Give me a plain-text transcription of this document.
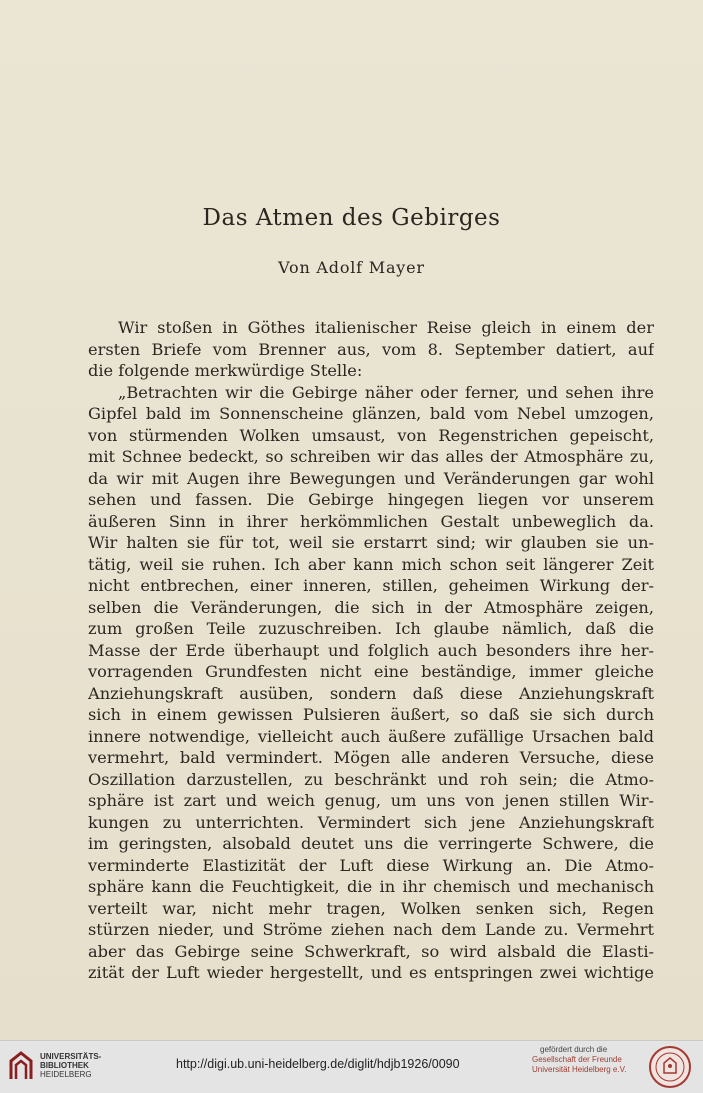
Das Atmen des Gebirges
Von Adolf Mayer
Wir stoßen in Göthes italienischer Reise gleich in einem der
ersten Briefe vom Brenner aus, vom 8. September datiert, auf
die folgende merkwürdige Stelle:
„Betrachten wir die Gebirge näher oder ferner, und sehen ihre
Gipfel bald im Sonnenscheine glänzen, bald vom Nebel umzogen,
von stürmenden Wolken umsaust, von Regenstrichen gepeischt,
mit Schnee bedeckt, so schreiben wir das alles der Atmosphäre zu,
da wir mit Augen ihre Bewegungen und Veränderungen gar wohl
sehen und fassen. Die Gebirge hingegen liegen vor unserem
äußeren Sinn in ihrer herkömmlichen Gestalt unbeweglich da.
Wir halten sie für tot, weil sie erstarrt sind; wir glauben sie un-
tätig, weil sie ruhen. Ich aber kann mich schon seit längerer Zeit
nicht entbrechen, einer inneren, stillen, geheimen Wirkung der-
selben die Veränderungen, die sich in der Atmosphäre zeigen,
zum großen Teile zuzuschreiben. Ich glaube nämlich, daß die
Masse der Erde überhaupt und folglich auch besonders ihre her-
vorragenden Grundfesten nicht eine beständige, immer gleiche
Anziehungskraft ausüben, sondern daß diese Anziehungskraft
sich in einem gewissen Pulsieren äußert, so daß sie sich durch
innere notwendige, vielleicht auch äußere zufällige Ursachen bald
vermehrt, bald vermindert. Mögen alle anderen Versuche, diese
Oszillation darzustellen, zu beschränkt und roh sein; die Atmo-
sphäre ist zart und weich genug, um uns von jenen stillen Wir-
kungen zu unterrichten. Vermindert sich jene Anziehungskraft
im geringsten, alsobald deutet uns die verringerte Schwere, die
verminderte Elastizität der Luft diese Wirkung an. Die Atmo-
sphäre kann die Feuchtigkeit, die in ihr chemisch und mechanisch
verteilt war, nicht mehr tragen, Wolken senken sich, Regen
stürzen nieder, und Ströme ziehen nach dem Lande zu. Vermehrt
aber das Gebirge seine Schwerkraft, so wird alsbald die Elasti-
zität der Luft wieder hergestellt, und es entspringen zwei wichtige
UNIVERSITÄTS-
BIBLIOTHEK
HEIDELBERG
http://digi.ub.uni-heidelberg.de/diglit/hdjb1926/0090
gefördert durch die
Gesellschaft der Freunde
Universität Heidelberg e.V.
